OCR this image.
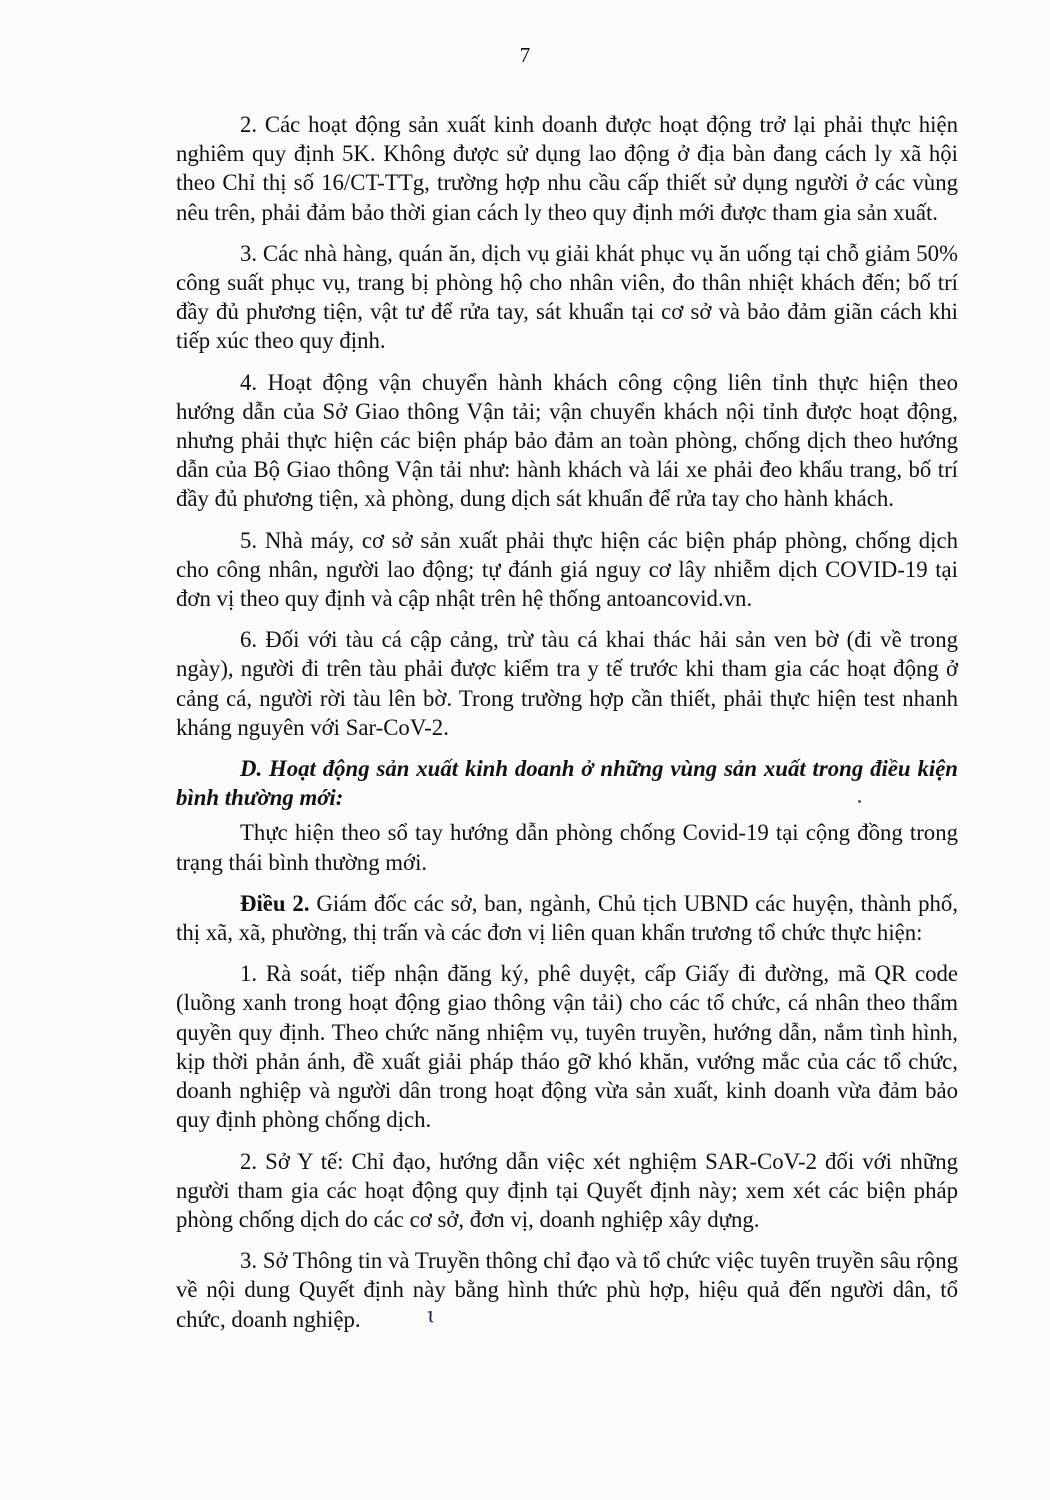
7

2. Các hoạt động sản xuất kinh doanh được hoạt động trở lại phải thực hiện nghiêm quy định 5K. Không được sử dụng lao động ở địa bàn đang cách ly xã hội theo Chỉ thị số 16/CT-TTg, trường hợp nhu cầu cấp thiết sử dụng người ở các vùng nêu trên, phải đảm bảo thời gian cách ly theo quy định mới được tham gia sản xuất.

3. Các nhà hàng, quán ăn, dịch vụ giải khát phục vụ ăn uống tại chỗ giảm 50% công suất phục vụ, trang bị phòng hộ cho nhân viên, đo thân nhiệt khách đến; bố trí đầy đủ phương tiện, vật tư để rửa tay, sát khuẩn tại cơ sở và bảo đảm giãn cách khi tiếp xúc theo quy định.

4. Hoạt động vận chuyển hành khách công cộng liên tỉnh thực hiện theo hướng dẫn của Sở Giao thông Vận tải; vận chuyển khách nội tỉnh được hoạt động, nhưng phải thực hiện các biện pháp bảo đảm an toàn phòng, chống dịch theo hướng dẫn của Bộ Giao thông Vận tải như: hành khách và lái xe phải đeo khẩu trang, bố trí đầy đủ phương tiện, xà phòng, dung dịch sát khuẩn để rửa tay cho hành khách.

5. Nhà máy, cơ sở sản xuất phải thực hiện các biện pháp phòng, chống dịch cho công nhân, người lao động; tự đánh giá nguy cơ lây nhiễm dịch COVID-19 tại đơn vị theo quy định và cập nhật trên hệ thống antoancovid.vn.

6. Đối với tàu cá cập cảng, trừ tàu cá khai thác hải sản ven bờ (đi về trong ngày), người đi trên tàu phải được kiểm tra y tế trước khi tham gia các hoạt động ở cảng cá, người rời tàu lên bờ. Trong trường hợp cần thiết, phải thực hiện test nhanh kháng nguyên với Sar-CoV-2.

D. Hoạt động sản xuất kinh doanh ở những vùng sản xuất trong điều kiện bình thường mới:

Thực hiện theo sổ tay hướng dẫn phòng chống Covid-19 tại cộng đồng trong trạng thái bình thường mới.

Điều 2. Giám đốc các sở, ban, ngành, Chủ tịch UBND các huyện, thành phố, thị xã, xã, phường, thị trấn và các đơn vị liên quan khẩn trương tổ chức thực hiện:

1. Rà soát, tiếp nhận đăng ký, phê duyệt, cấp Giấy đi đường, mã QR code (luồng xanh trong hoạt động giao thông vận tải) cho các tổ chức, cá nhân theo thẩm quyền quy định. Theo chức năng nhiệm vụ, tuyên truyền, hướng dẫn, nắm tình hình, kịp thời phản ánh, đề xuất giải pháp tháo gỡ khó khăn, vướng mắc của các tổ chức, doanh nghiệp và người dân trong hoạt động vừa sản xuất, kinh doanh vừa đảm bảo quy định phòng chống dịch.

2. Sở Y tế: Chỉ đạo, hướng dẫn việc xét nghiệm SAR-CoV-2 đối với những người tham gia các hoạt động quy định tại Quyết định này; xem xét các biện pháp phòng chống dịch do các cơ sở, đơn vị, doanh nghiệp xây dựng.

3. Sở Thông tin và Truyền thông chỉ đạo và tổ chức việc tuyên truyền sâu rộng về nội dung Quyết định này bằng hình thức phù hợp, hiệu quả đến người dân, tổ chức, doanh nghiệp.	ɩ
